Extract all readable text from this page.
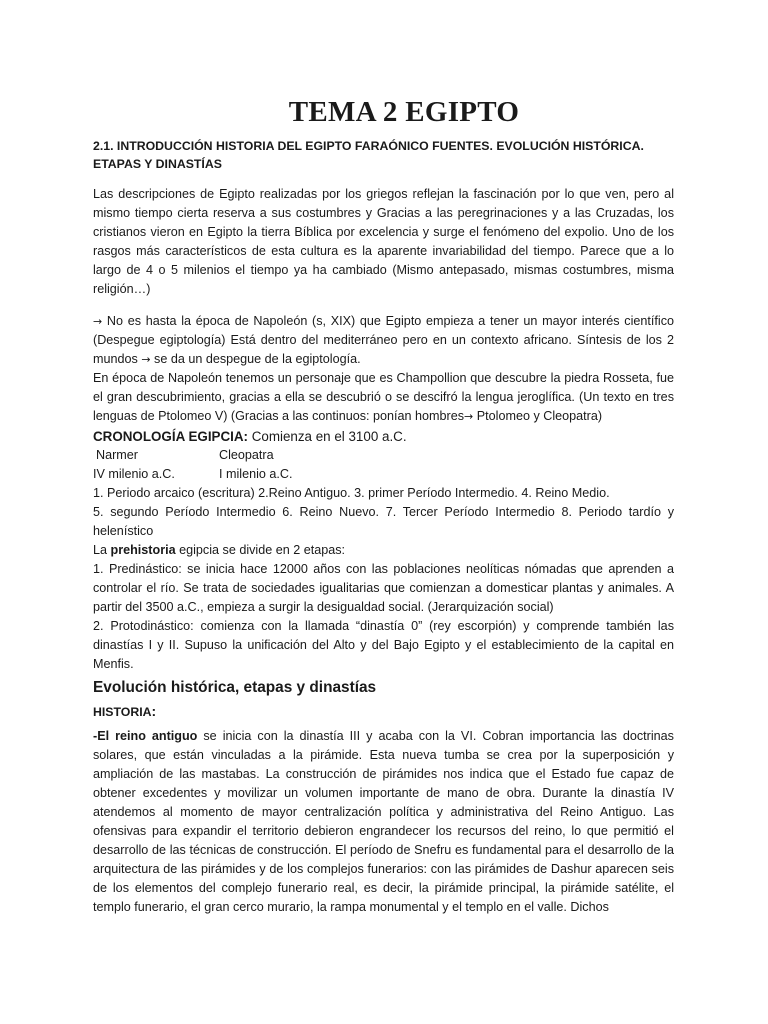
TEMA 2 EGIPTO

2.1. INTRODUCCIÓN HISTORIA DEL EGIPTO FARAÓNICO FUENTES. EVOLUCIÓN HISTÓRICA. ETAPAS Y DINASTÍAS

Las descripciones de Egipto realizadas por los griegos reflejan la fascinación por lo que ven, pero al mismo tiempo cierta reserva a sus costumbres y Gracias a las peregrinaciones y a las Cruzadas, los cristianos vieron en Egipto la tierra Bíblica por excelencia y surge el fenómeno del expolio. Uno de los rasgos más característicos de esta cultura es la aparente invariabilidad del tiempo. Parece que a lo largo de 4 o 5 milenios el tiempo ya ha cambiado (Mismo antepasado, mismas costumbres, misma religión…)

→ No es hasta la época de Napoleón (s, XIX) que Egipto empieza a tener un mayor interés científico (Despegue egiptología) Está dentro del mediterráneo pero en un contexto africano. Síntesis de los 2 mundos → se da un despegue de la egiptología.

En época de Napoleón tenemos un personaje que es Champollion que descubre la piedra Rosseta, fue el gran descubrimiento, gracias a ella se descubrió o se descifró la lengua jeroglífica. (Un texto en tres lenguas de Ptolomeo V) (Gracias a las continuos: ponían hombres→ Ptolomeo y Cleopatra)

CRONOLOGÍA EGIPCIA: Comienza en el 3100 a.C.

Narmer	Cleopatra

IV milenio a.C.	I milenio a.C.

1. Periodo arcaico (escritura) 2.Reino Antiguo. 3. primer Período Intermedio. 4. Reino Medio.

5. segundo Período Intermedio 6. Reino Nuevo. 7. Tercer Período Intermedio 8. Periodo tardío y helenístico

La prehistoria egipcia se divide en 2 etapas:

1. Predinástico: se inicia hace 12000 años con las poblaciones neolíticas nómadas que aprenden a controlar el río. Se trata de sociedades igualitarias que comienzan a domesticar plantas y animales. A partir del 3500 a.C., empieza a surgir la desigualdad social. (Jerarquización social)

2. Protodinástico: comienza con la llamada “dinastía 0” (rey escorpión) y comprende también las dinastías I y II. Supuso la unificación del Alto y del Bajo Egipto y el establecimiento de la capital en Menfis.

Evolución histórica, etapas y dinastías

HISTORIA:

-El reino antiguo se inicia con la dinastía III y acaba con la VI. Cobran importancia las doctrinas solares, que están vinculadas a la pirámide. Esta nueva tumba se crea por la superposición y ampliación de las mastabas. La construcción de pirámides nos indica que el Estado fue capaz de obtener excedentes y movilizar un volumen importante de mano de obra. Durante la dinastía IV atendemos al momento de mayor centralización política y administrativa del Reino Antiguo. Las ofensivas para expandir el territorio debieron engrandecer los recursos del reino, lo que permitió el desarrollo de las técnicas de construcción. El período de Snefru es fundamental para el desarrollo de la arquitectura de las pirámides y de los complejos funerarios: con las pirámides de Dashur aparecen seis de los elementos del complejo funerario real, es decir, la pirámide principal, la pirámide satélite, el templo funerario, el gran cerco murario, la rampa monumental y el templo en el valle. Dichos
